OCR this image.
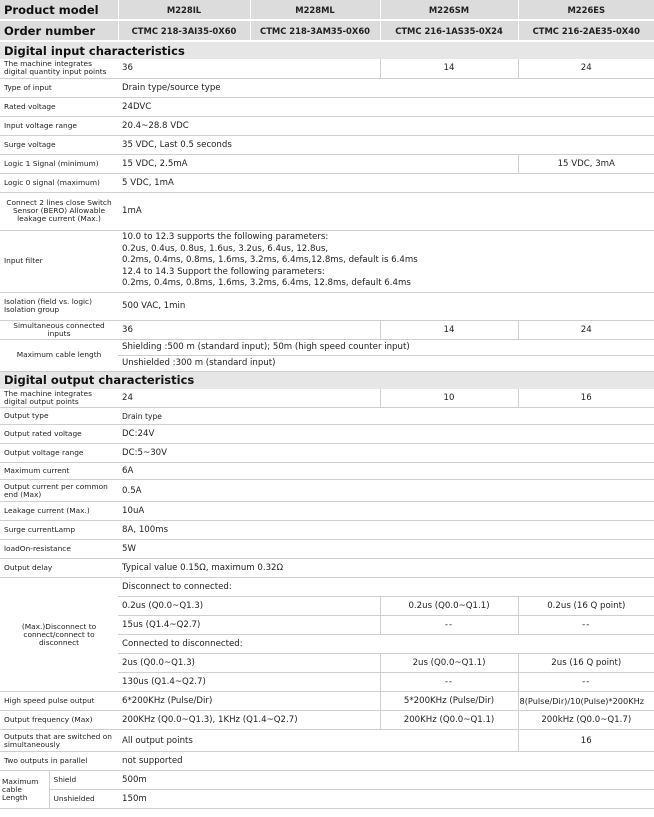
Product model		M228IL	M228ML	M226SM	M226ES
Order number		CTMC 218-3AI35-0X60	CTMC 218-3AM35-0X60	CTMC 216-1AS35-0X24	CTMC 216-2AE35-0X40
Digital input characteristics					
The machine integrates digital quantity input points		36		14	24
Type of input		Drain type/source type			
Rated voltage		24DVC			
Input voltage range		20.4~28.8 VDC			
Surge voltage		35 VDC, Last 0.5 seconds			
Logic 1 Signal (minimum)		15 VDC, 2.5mA			15 VDC, 3mA
Logic 0 signal (maximum)		5 VDC, 1mA			
Connect 2 lines close Switch Sensor (BERO) Allowable leakage current (Max.)		1mA			
Input filter		10.0 to 12.3 supports the following parameters:
0.2us, 0.4us, 0.8us, 1.6us, 3.2us, 6.4us, 12.8us,
0.2ms, 0.4ms, 0.8ms, 1.6ms, 3.2ms, 6.4ms,12.8ms, default is 6.4ms
12.4 to 14.3 Support the following parameters:
0.2ms, 0.4ms, 0.8ms, 1.6ms, 3.2ms, 6.4ms, 12.8ms, default 6.4ms			

Isolation (field vs. logic) Isolation group		500 VAC, 1min			
Simultaneous connected inputs		36		14	24
Maximum cable length		Shielding :500 m (standard input); 50m (high speed counter input)			
		Unshielded :300 m (standard input)			
Digital output characteristics					
The machine integrates digital output points		24		10	16
Output type		Drain type			
Output rated voltage		DC:24V			
Output voltage range		DC:5~30V			
Maximum current		6A			
Output current per common end (Max)		0.5A			
Leakage current (Max.)		10uA			
Surge currentLamp		8A, 100ms			
loadOn-resistance		5W			
Output delay		Typical value 0.15Ω, maximum 0.32Ω			
(Max.)Disconnect to connect/connect to disconnect		Disconnect to connected:			
		0.2us (Q0.0~Q1.3)		0.2us (Q0.0~Q1.1)	0.2us (16 Q point)
		15us (Q1.4~Q2.7)		--	--
		Connected to disconnected:			
		2us (Q0.0~Q1.3)		2us (Q0.0~Q1.1)	2us (16 Q point)
		130us (Q1.4~Q2.7)		--	--
High speed pulse output		6*200KHz (Pulse/Dir)		5*200KHz (Pulse/Dir)	8(Pulse/Dir)/10(Pulse)*200KHz
Output frequency (Max)		200KHz (Q0.0~Q1.3), 1KHz (Q1.4~Q2.7)		200KHz (Q0.0~Q1.1)	200kHz (Q0.0~Q1.7)
Outputs that are switched on simultaneously		All output points			16
Two outputs in parallel		not supported			
Maximum cable Length	Shield	500m			
	Unshielded	150m			
